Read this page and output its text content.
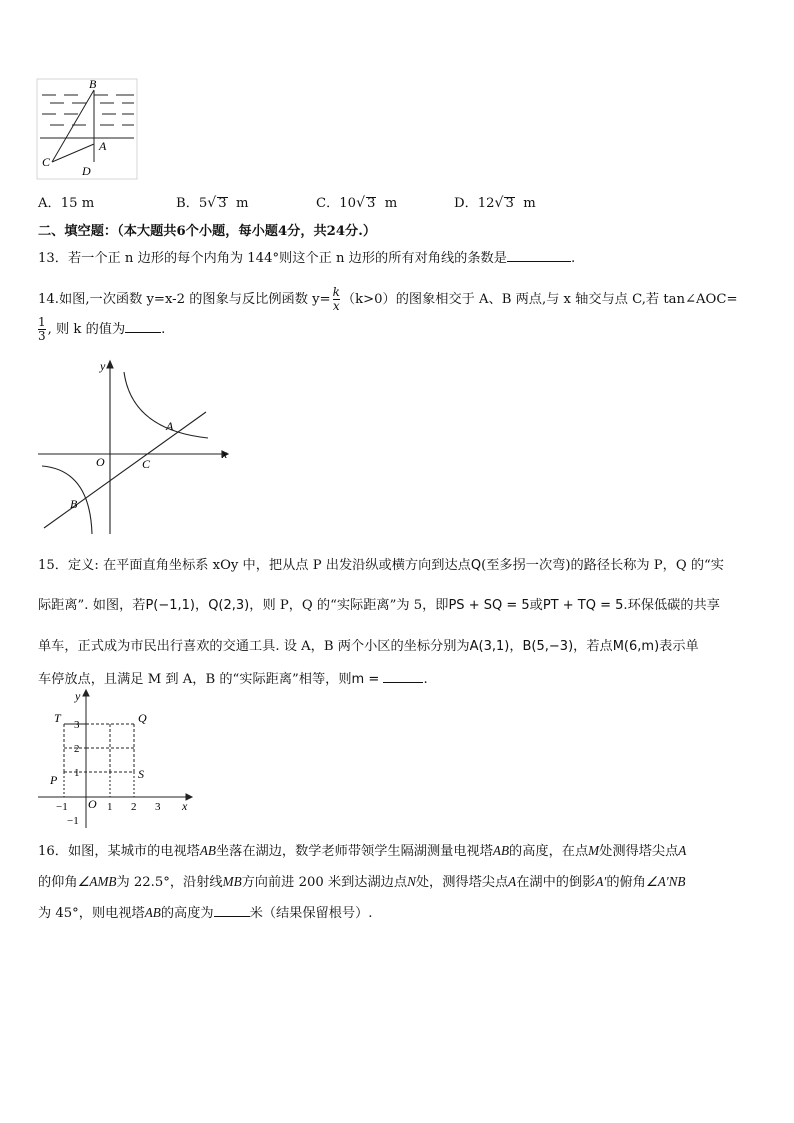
B
A
C
D
A．15 m	B．5√ 3 m	C．10√ 3 m	D．12√ 3 m
二、填空题：（本大题共6个小题，每小题4分，共24分.）
13．若一个正 n 边形的每个内角为 144°则这个正 n 边形的所有对角线的条数是	.
14.如图,一次函数 y=x-2 的图象与反比例函数 $y= \frac{k}{x} (k>0)$的图象相交于 A、B 两点,与 x 轴交与点 C,若 tan∠AOC=
$\frac{1}{3}$ , 则 k 的值为	.
y
x
O	C
A
B
15．定义: 在平面直角坐标系 xOy 中，把从点 P 出发沿纵或横方向到达点Q(至多拐一次弯)的路径长称为 P，Q 的“实
际距离”. 如图，若P(−1,1)，Q(2,3)，则 P，Q 的“实际距离”为 5，即PS + SQ = 5或PT + TQ = 5.环保低碳的共享
单车，正式成为市民出行喜欢的交通工具. 设 A，B 两个小区的坐标分别为A(3,1)，B(5,−3)，若点M(6,m)表示单
车停放点，且满足 M 到 A，B 的“实际距离”相等，则m =	.
y
x
O
T	Q
P	S
3
2
1
−1
−1	1 2 3
16．如图，某城市的电视塔AB坐落在湖边，数学老师带领学生隔湖测量电视塔AB的高度，在点M处测得塔尖点A
的仰角∠AMB为 22.5°，沿射线MB方向前进 200 米到达湖边点N处，测得塔尖点A在湖中的倒影A′的俯角∠A′NB
为 45°，则电视塔AB的高度为	米（结果保留根号）.
